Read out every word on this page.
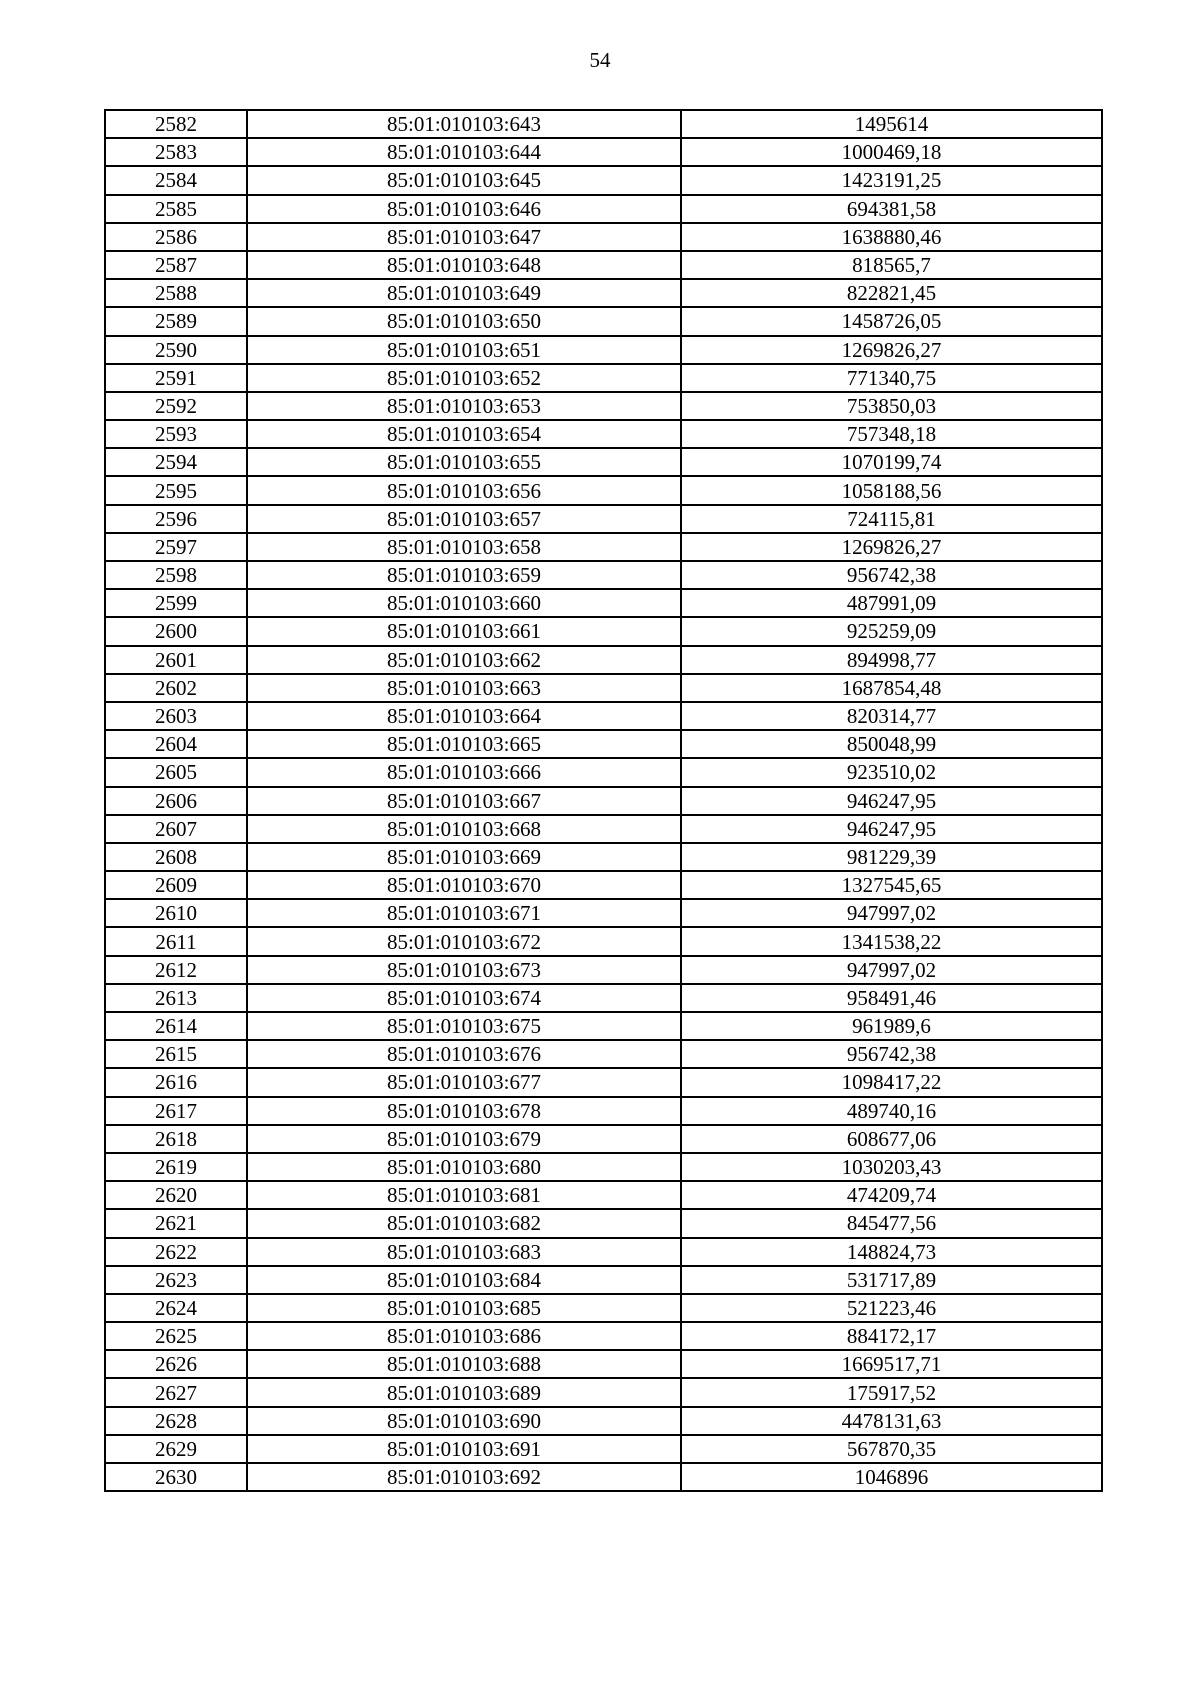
54
2582	85:01:010103:643	1495614
2583	85:01:010103:644	1000469,18
2584	85:01:010103:645	1423191,25
2585	85:01:010103:646	694381,58
2586	85:01:010103:647	1638880,46
2587	85:01:010103:648	818565,7
2588	85:01:010103:649	822821,45
2589	85:01:010103:650	1458726,05
2590	85:01:010103:651	1269826,27
2591	85:01:010103:652	771340,75
2592	85:01:010103:653	753850,03
2593	85:01:010103:654	757348,18
2594	85:01:010103:655	1070199,74
2595	85:01:010103:656	1058188,56
2596	85:01:010103:657	724115,81
2597	85:01:010103:658	1269826,27
2598	85:01:010103:659	956742,38
2599	85:01:010103:660	487991,09
2600	85:01:010103:661	925259,09
2601	85:01:010103:662	894998,77
2602	85:01:010103:663	1687854,48
2603	85:01:010103:664	820314,77
2604	85:01:010103:665	850048,99
2605	85:01:010103:666	923510,02
2606	85:01:010103:667	946247,95
2607	85:01:010103:668	946247,95
2608	85:01:010103:669	981229,39
2609	85:01:010103:670	1327545,65
2610	85:01:010103:671	947997,02
2611	85:01:010103:672	1341538,22
2612	85:01:010103:673	947997,02
2613	85:01:010103:674	958491,46
2614	85:01:010103:675	961989,6
2615	85:01:010103:676	956742,38
2616	85:01:010103:677	1098417,22
2617	85:01:010103:678	489740,16
2618	85:01:010103:679	608677,06
2619	85:01:010103:680	1030203,43
2620	85:01:010103:681	474209,74
2621	85:01:010103:682	845477,56
2622	85:01:010103:683	148824,73
2623	85:01:010103:684	531717,89
2624	85:01:010103:685	521223,46
2625	85:01:010103:686	884172,17
2626	85:01:010103:688	1669517,71
2627	85:01:010103:689	175917,52
2628	85:01:010103:690	4478131,63
2629	85:01:010103:691	567870,35
2630	85:01:010103:692	1046896
